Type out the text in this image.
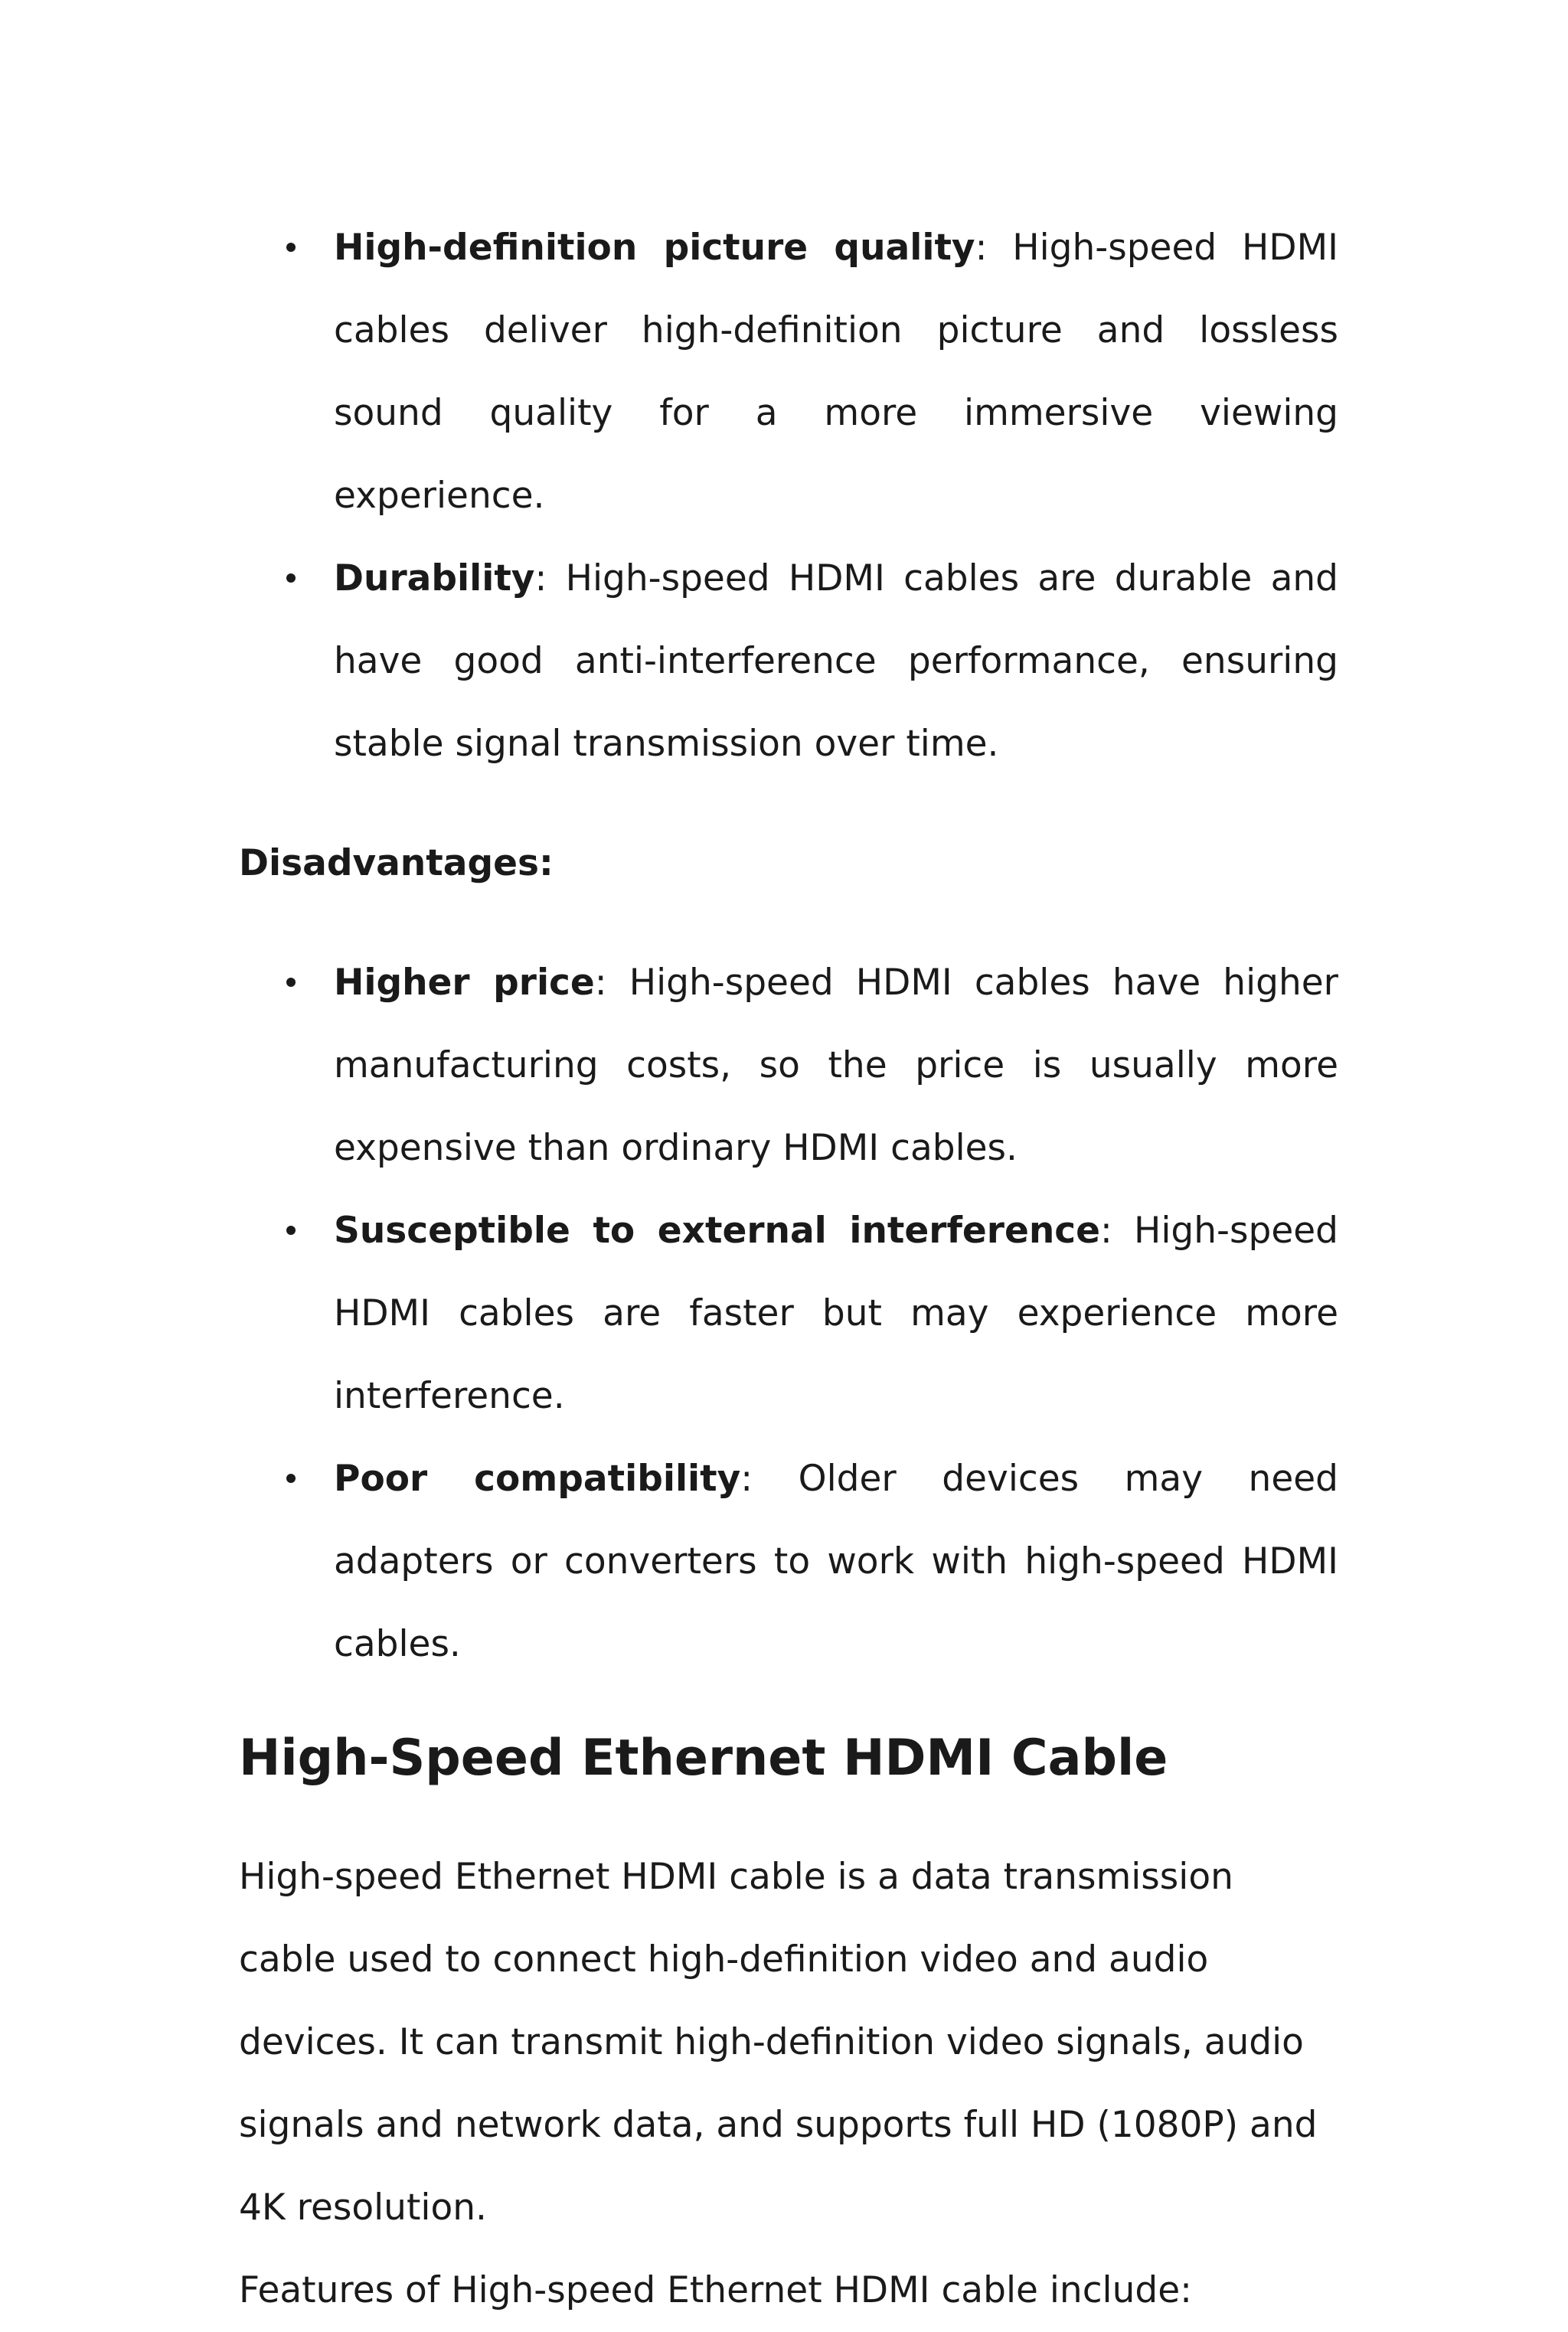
High-definition picture quality: High-speed HDMI cables deliver high-definition picture and lossless sound quality for a more immersive viewing experience.
Durability: High-speed HDMI cables are durable and have good anti-interference performance, ensuring stable signal transmission over time.
Disadvantages:
Higher price: High-speed HDMI cables have higher manufacturing costs, so the price is usually more expensive than ordinary HDMI cables.
Susceptible to external interference: High-speed HDMI cables are faster but may experience more interference.
Poor compatibility: Older devices may need adapters or converters to work with high-speed HDMI cables.
High-Speed Ethernet HDMI Cable

High-speed Ethernet HDMI cable is a data transmission cable used to connect high-definition video and audio devices. It can transmit high-definition video signals, audio signals and network data, and supports full HD (1080P) and 4K resolution.

Features of High-speed Ethernet HDMI cable include:
